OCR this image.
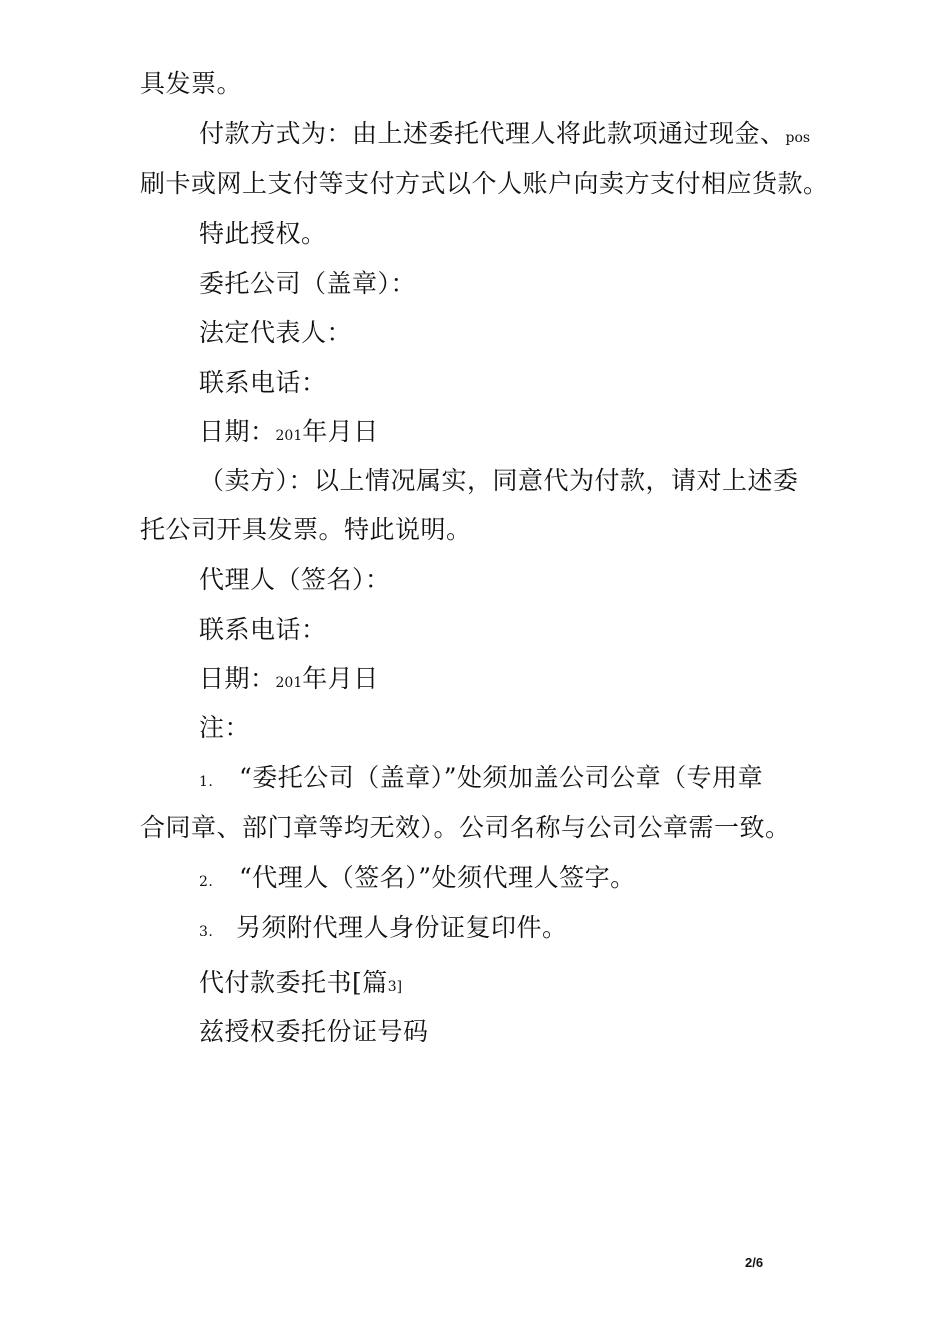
具发票。
付款方式为：由上述委托代理人将此款项通过现金、pos
刷卡或网上支付等支付方式以个人账户向卖方支付相应货款。
特此授权。
委托公司（盖章）：
法定代表人：
联系电话：
日期：201年月日
（卖方）：以上情况属实，同意代为付款，请对上述委
托公司开具发票。特此说明。
代理人（签名）：
联系电话：
日期：201年月日
注：
1. “委托公司（盖章）”处须加盖公司公章（专用章
合同章、部门章等均无效）。公司名称与公司公章需一致。
2. “代理人（签名）”处须代理人签字。
3. 另须附代理人身份证复印件。
代付款委托书[篇3]
兹授权委托份证号码
2/6
